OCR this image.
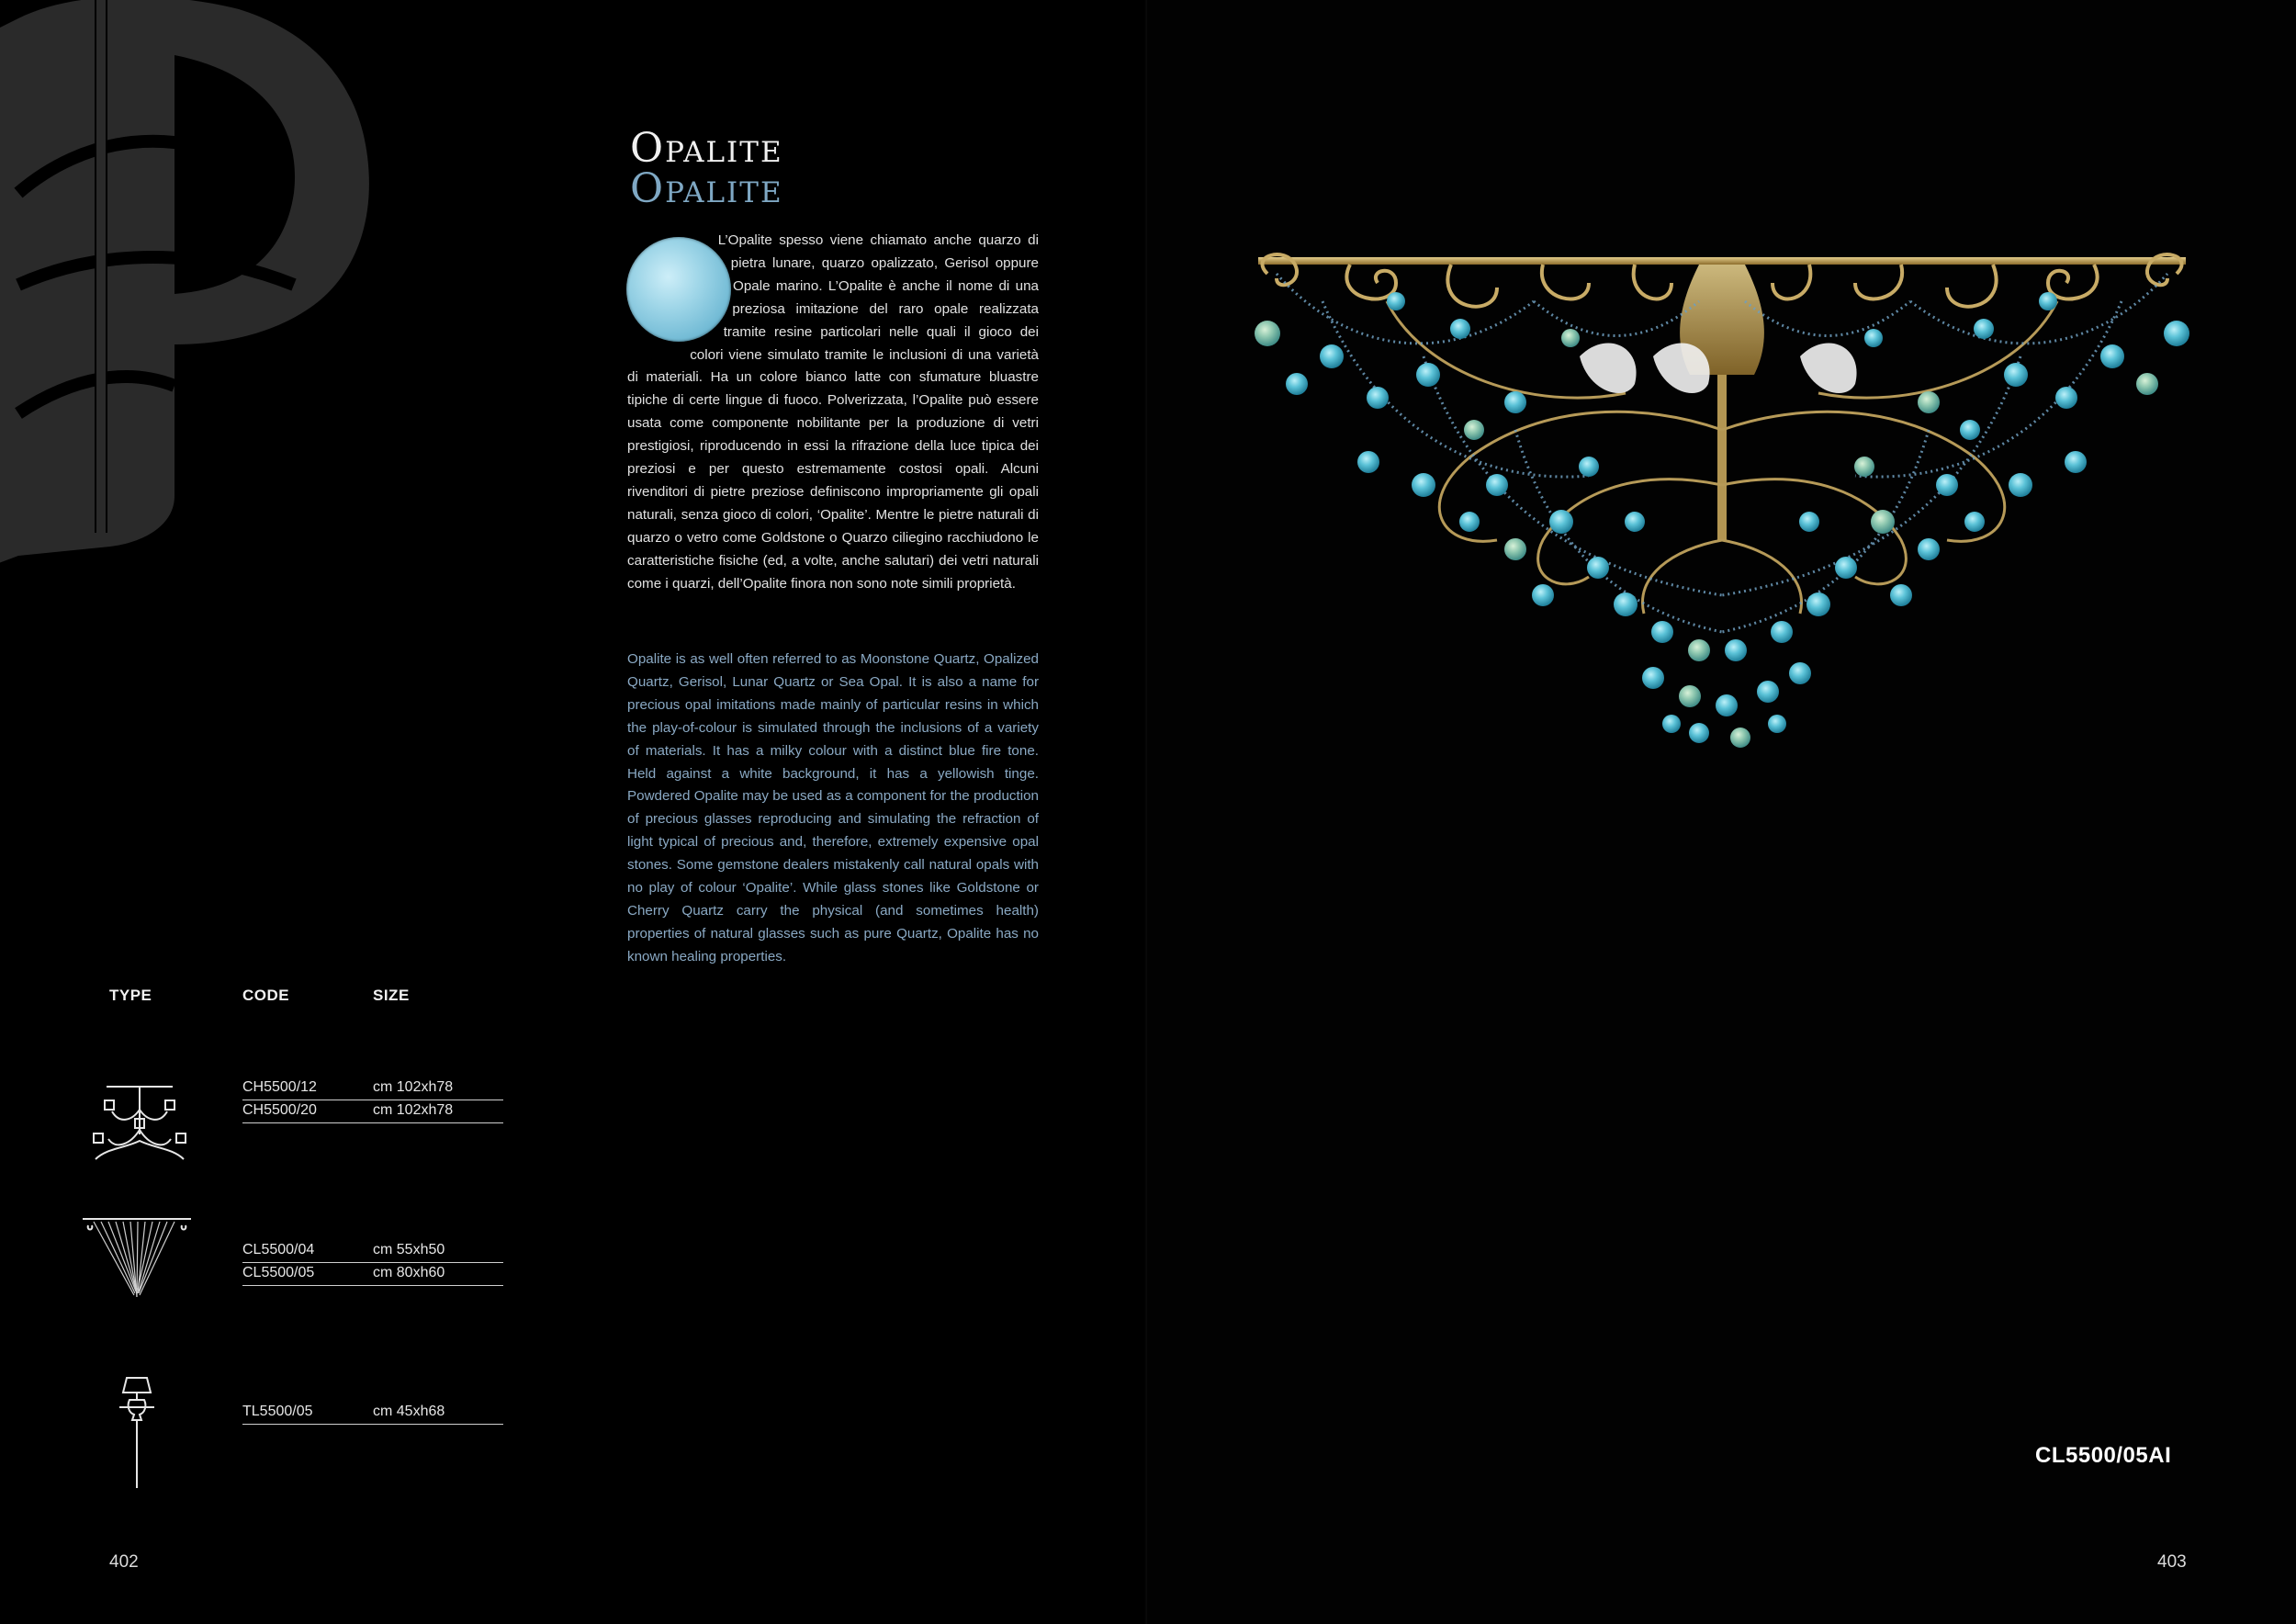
Opalite
Opalite
L’Opalite spesso viene chiamato anche quarzo di pietra lunare, quarzo opalizzato, Gerisol oppure Opale marino. L’Opalite è anche il nome di una preziosa imitazione del raro opale realizzata tramite resine particolari nelle quali il gioco dei colori viene simulato tramite le inclusioni di una varietà di materiali. Ha un colore bianco latte con sfumature bluastre tipiche di certe lingue di fuoco. Polverizzata, l’Opalite può essere usata come componente nobilitante per la produzione di vetri prestigiosi, riproducendo in essi la rifrazione della luce tipica dei preziosi e per questo estremamente costosi opali. Alcuni rivenditori di pietre preziose definiscono impropriamente gli opali naturali, senza gioco di colori, ‘Opalite’. Mentre le pietre naturali di quarzo o vetro come Goldstone o Quarzo ciliegino racchiudono le caratteristiche fisiche (ed, a volte, anche salutari) dei vetri naturali come i quarzi, dell’Opalite finora non sono note simili proprietà.
Opalite is as well often referred to as Moonstone Quartz, Opalized Quartz, Gerisol, Lunar Quartz or Sea Opal. It is also a name for precious opal imitations made mainly of particular resins in which the play-of-colour is simulated through the inclusions of a variety of materials. It has a milky colour with a distinct blue fire tone. Held against a white background, it has a yellowish tinge. Powdered Opalite may be used as a component for the production of precious glasses reproducing and simulating the refraction of light typical of precious and, therefore, extremely expensive opal stones. Some gemstone dealers mistakenly call natural opals with no play of colour ‘Opalite’. While glass stones like Goldstone or Cherry Quartz carry the physical (and sometimes health) properties of natural glasses such as pure Quartz, Opalite has no known healing properties.
TYPE	CODE	SIZE
CH5500/12	cm 102xh78
CH5500/20	cm 102xh78
CL5500/04	cm 55xh50
CL5500/05	cm 80xh60
TL5500/05	cm 45xh68
402
CL5500/05AI
403
